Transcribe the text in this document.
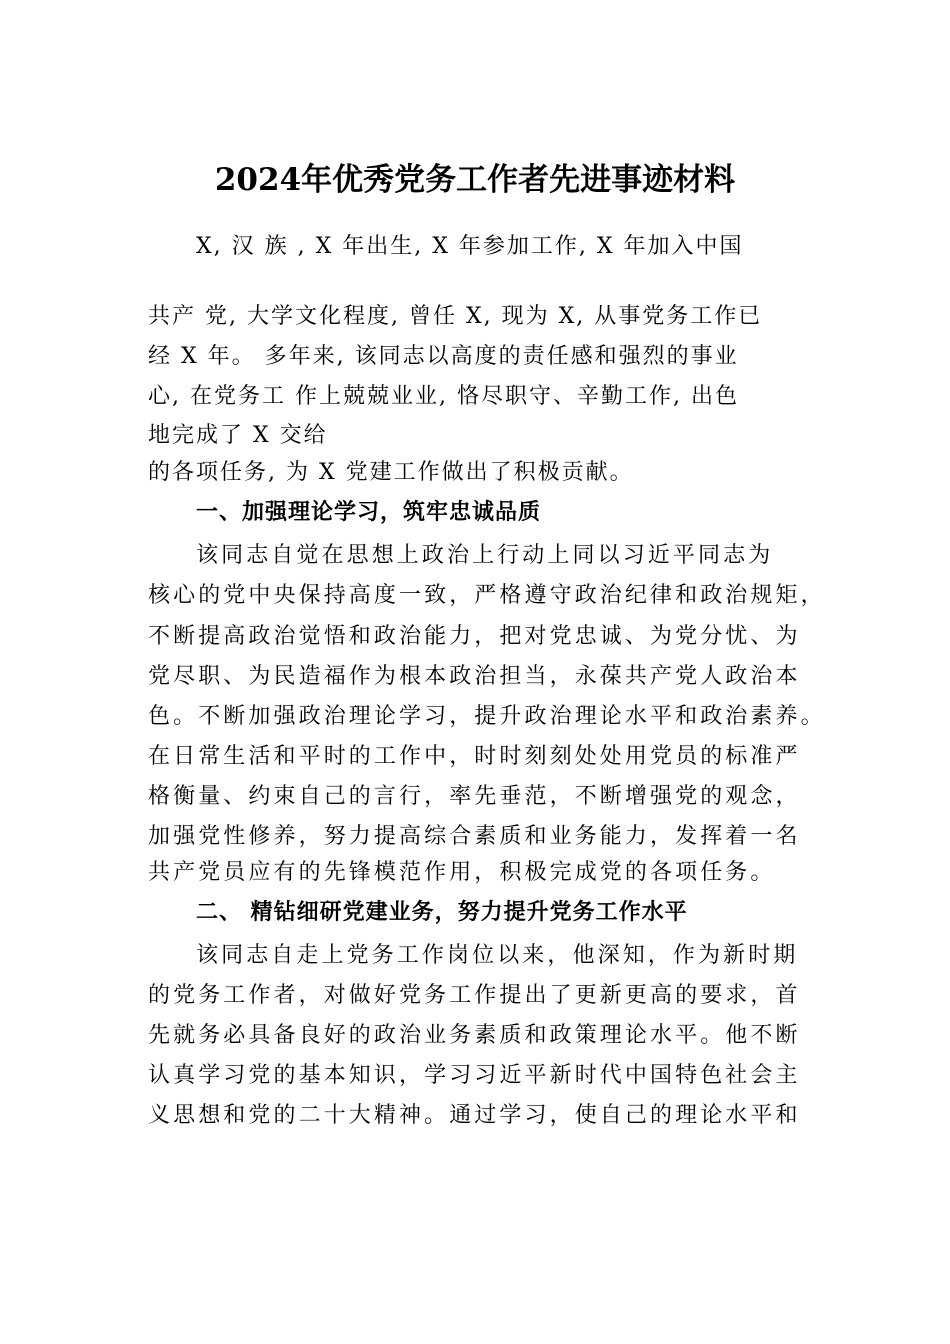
2024年优秀党务工作者先进事迹材料
X, 汉 族 , X 年出生, X 年参加工作, X 年加入中国
共产 党, 大学文化程度, 曾任 X, 现为 X, 从事党务工作已
经 X 年。 多年来, 该同志以高度的责任感和强烈的事业
心, 在党务工 作上兢兢业业, 恪尽职守、辛勤工作, 出色
地完成了 X 交给
的各项任务, 为 X 党建工作做出了积极贡献。
一、加强理论学习，筑牢忠诚品质
该同志自觉在思想上政治上行动上同以习近平同志为
核心的党中央保持高度一致，严格遵守政治纪律和政治规矩，
不断提高政治觉悟和政治能力，把对党忠诚、为党分忧、为
党尽职、为民造福作为根本政治担当，永葆共产党人政治本
色。不断加强政治理论学习，提升政治理论水平和政治素养。
在日常生活和平时的工作中，时时刻刻处处用党员的标准严
格衡量、约束自己的言行，率先垂范，不断增强党的观念，
加强党性修养，努力提高综合素质和业务能力，发挥着一名
共产党员应有的先锋模范作用，积极完成党的各项任务。
二、 精钻细研党建业务，努力提升党务工作水平
该同志自走上党务工作岗位以来，他深知，作为新时期
的党务工作者，对做好党务工作提出了更新更高的要求，首
先就务必具备良好的政治业务素质和政策理论水平。他不断
认真学习党的基本知识，学习习近平新时代中国特色社会主
义思想和党的二十大精神。通过学习，使自己的理论水平和
